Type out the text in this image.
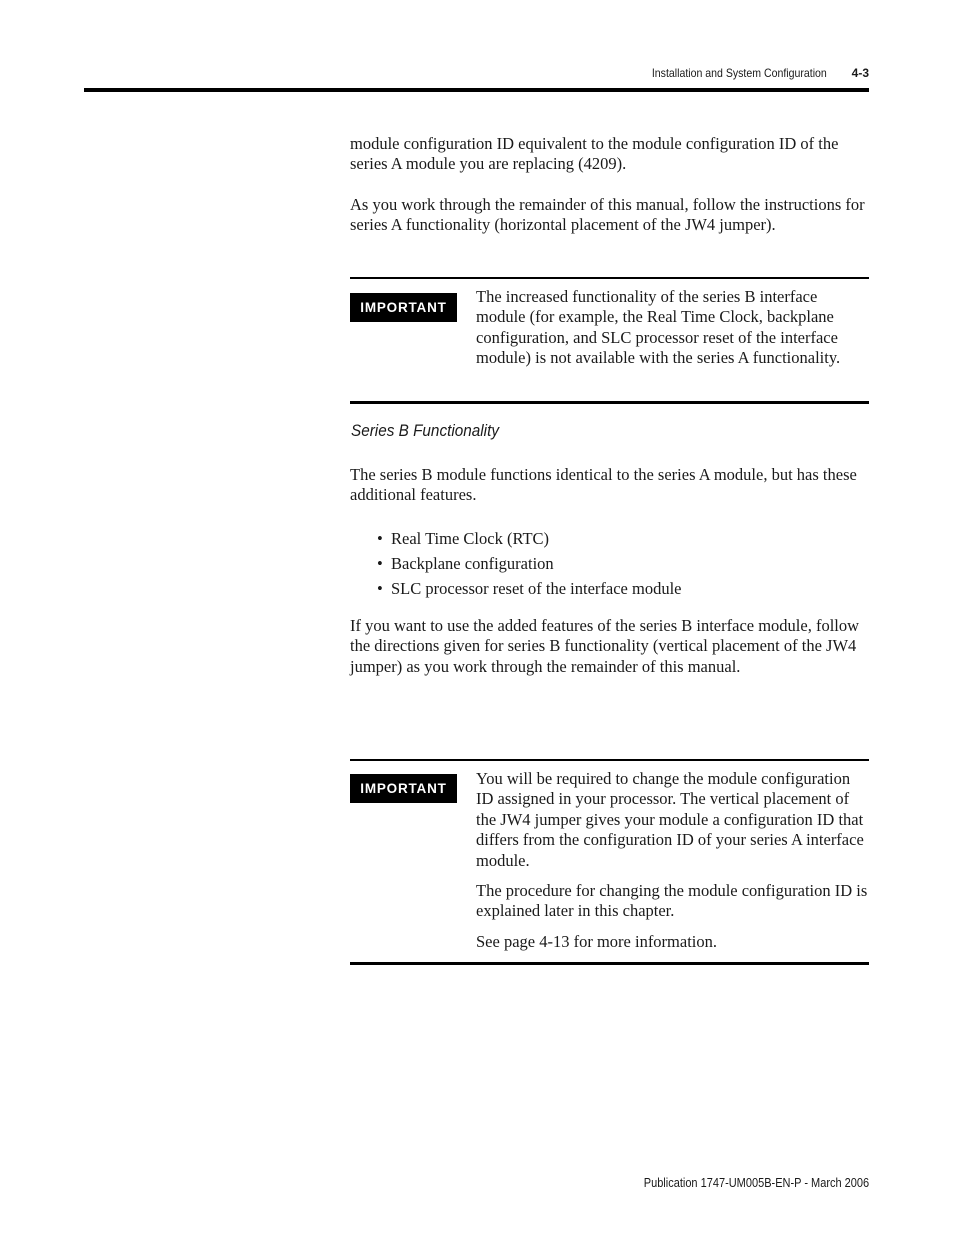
Installation and System Configuration 4-3

module configuration ID equivalent to the module configuration ID of the series A module you are replacing (4209).

As you work through the remainder of this manual, follow the instructions for series A functionality (horizontal placement of the JW4 jumper).

IMPORTANT

The increased functionality of the series B interface module (for example, the Real Time Clock, backplane configuration, and SLC processor reset of the interface module) is not available with the series A functionality.

Series B Functionality

The series B module functions identical to the series A module, but has these additional features.

• Real Time Clock (RTC)
• Backplane configuration
• SLC processor reset of the interface module

If you want to use the added features of the series B interface module, follow the directions given for series B functionality (vertical placement of the JW4 jumper) as you work through the remainder of this manual.

IMPORTANT

You will be required to change the module configuration ID assigned in your processor. The vertical placement of the JW4 jumper gives your module a configuration ID that differs from the configuration ID of your series A interface module.

The procedure for changing the module configuration ID is explained later in this chapter.

See page 4-13 for more information.

Publication 1747-UM005B-EN-P - March 2006
